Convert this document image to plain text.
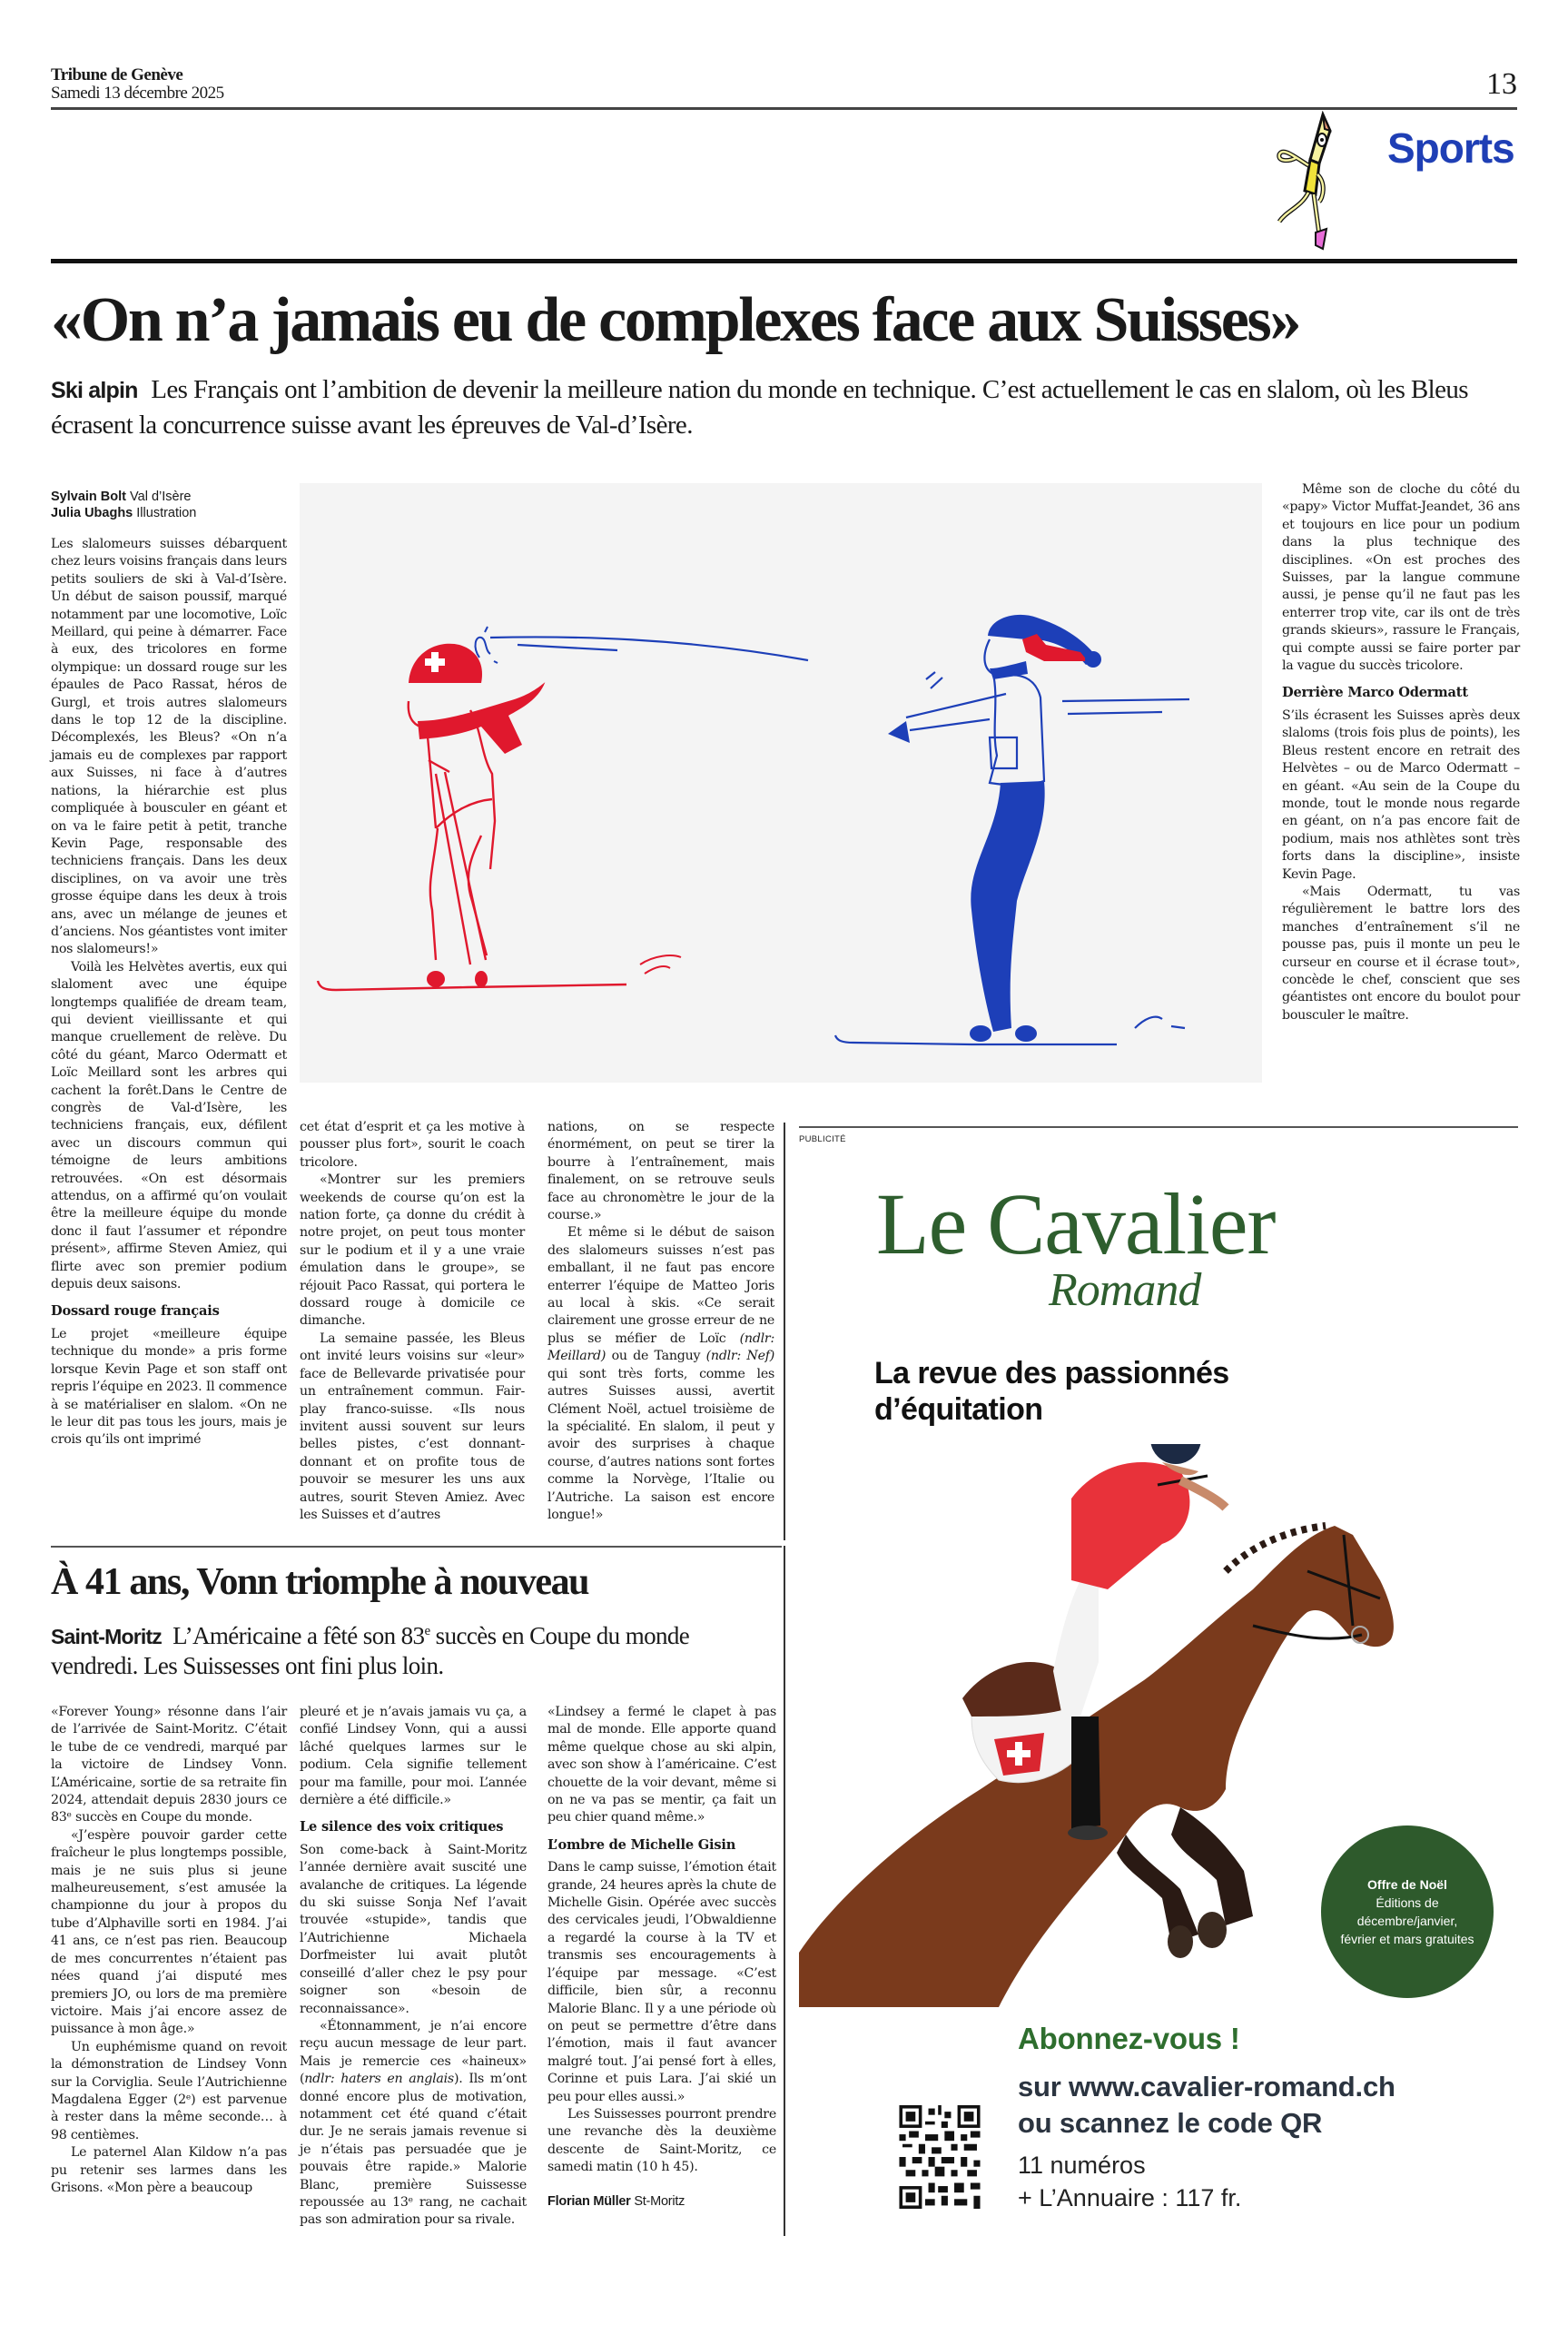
Tribune de Genève
Samedi 13 décembre 2025	13
Sports
«On n’a jamais eu de complexes face aux Suisses»
Ski alpin Les Français ont l’ambition de devenir la meilleure nation du monde en technique. C’est actuellement le cas en slalom, où les Bleus écrasent la concurrence suisse avant les épreuves de Val-d’Isère.
Sylvain Bolt Val d’Isère
Julia Ubaghs Illustration

Les slalomeurs suisses débarquent chez leurs voisins français dans leurs petits souliers de ski à Val-d’Isère. Un début de saison poussif, marqué notamment par une locomotive, Loïc Meillard, qui peine à démarrer. Face à eux, des tricolores en forme olympique: un dossard rouge sur les épaules de Paco Rassat, héros de Gurgl, et trois autres slalomeurs dans le top 12 de la discipline. Décomplexés, les Bleus? «On n’a jamais eu de complexes par rapport aux Suisses, ni face à d’autres nations, la hiérarchie est plus compliquée à bousculer en géant et on va le faire petit à petit, tranche Kevin Page, responsable des techniciens français. Dans les deux disciplines, on va avoir une très grosse équipe dans les deux à trois ans, avec un mélange de jeunes et d’anciens. Nos géantistes vont imiter nos slalomeurs!»

Voilà les Helvètes avertis, eux qui slaloment avec une équipe longtemps qualifiée de dream team, qui devient vieillissante et qui manque cruellement de relève. Du côté du géant, Marco Odermatt et Loïc Meillard sont les arbres qui cachent la forêt.Dans le Centre de congrès de Val-d’Isère, les techniciens français, eux, défilent avec un discours commun qui témoigne de leurs ambitions retrouvées. «On est désormais attendus, on a affirmé qu’on voulait être la meilleure équipe du monde donc il faut l’assumer et répondre présent», affirme Steven Amiez, qui flirte avec son premier podium depuis deux saisons.

Dossard rouge français

Le projet «meilleure équipe technique du monde» a pris forme lorsque Kevin Page et son staff ont repris l’équipe en 2023. Il commence à se matérialiser en slalom. «On ne le leur dit pas tous les jours, mais je crois qu’ils ont imprimé

cet état d’esprit et ça les motive à pousser plus fort», sourit le coach tricolore.

«Montrer sur les premiers weekends de course qu’on est la nation forte, ça donne du crédit à notre projet, on peut tous monter sur le podium et il y a une vraie émulation dans le groupe», se réjouit Paco Rassat, qui portera le dossard rouge à domicile ce dimanche.

La semaine passée, les Bleus ont invité leurs voisins sur «leur» face de Bellevarde privatisée pour un entraînement commun. Fair-play franco-suisse. «Ils nous invitent aussi souvent sur leurs belles pistes, c’est donnant-donnant et on profite tous de pouvoir se mesurer les uns aux autres, sourit Steven Amiez. Avec les Suisses et d’autres

nations, on se respecte énormément, on peut se tirer la bourre à l’entraînement, mais finalement, on se retrouve seuls face au chronomètre le jour de la course.»

Et même si le début de saison des slalomeurs suisses n’est pas emballant, il ne faut pas encore enterrer l’équipe de Matteo Joris au local à skis. «Ce serait clairement une grosse erreur de ne plus se méfier de Loïc (ndlr: Meillard) ou de Tanguy (ndlr: Nef) qui sont très forts, comme les autres Suisses aussi, avertit Clément Noël, actuel troisième de la spécialité. En slalom, il peut y avoir des surprises à chaque course, d’autres nations sont fortes comme la Norvège, l’Italie ou l’Autriche. La saison est encore longue!»

Même son de cloche du côté du «papy» Victor Muffat-Jeandet, 36 ans et toujours en lice pour un podium dans la plus technique des disciplines. «On est proches des Suisses, par la langue commune aussi, je pense qu’il ne faut pas les enterrer trop vite, car ils ont de très grands skieurs», rassure le Français, qui compte aussi se faire porter par la vague du succès tricolore.

Derrière Marco Odermatt

S’ils écrasent les Suisses après deux slaloms (trois fois plus de points), les Bleus restent encore en retrait des Helvètes – ou de Marco Odermatt – en géant. «Au sein de la Coupe du monde, tout le monde nous regarde en géant, on n’a pas encore fait de podium, mais nos athlètes sont très forts dans la discipline», insiste Kevin Page.

«Mais Odermatt, tu vas régulièrement le battre lors des manches d’entraînement s’il ne pousse pas, puis il monte un peu le curseur en course et il écrase tout», concède le chef, conscient que ses géantistes ont encore du boulot pour bousculer le maître.

À 41 ans, Vonn triomphe à nouveau
Saint-Moritz L’Américaine a fêté son 83e succès en Coupe du monde vendredi. Les Suissesses ont fini plus loin.

«Forever Young» résonne dans l’air de l’arrivée de Saint-Moritz. C’était le tube de ce vendredi, marqué par la victoire de Lindsey Vonn. L’Américaine, sortie de sa retraite fin 2024, attendait depuis 2830 jours ce 83ᵉ succès en Coupe du monde.

«J’espère pouvoir garder cette fraîcheur le plus longtemps possible, mais je ne suis plus si jeune malheureusement, s’est amusée la championne du jour à propos du tube d’Alphaville sorti en 1984. J’ai 41 ans, ce n’est pas rien. Beaucoup de mes concurrentes n’étaient pas nées quand j’ai disputé mes premiers JO, ou lors de ma première victoire. Mais j’ai encore assez de puissance à mon âge.»

Un euphémisme quand on revoit la démonstration de Lindsey Vonn sur la Corviglia. Seule l’Autrichienne Magdalena Egger (2ᵉ) est parvenue à rester dans la même seconde… à 98 centièmes.

Le paternel Alan Kildow n’a pas pu retenir ses larmes dans les Grisons. «Mon père a beaucoup

pleuré et je n’avais jamais vu ça, a confié Lindsey Vonn, qui a aussi lâché quelques larmes sur le podium. Cela signifie tellement pour ma famille, pour moi. L’année dernière a été difficile.»

Le silence des voix critiques

Son come-back à Saint-Moritz l’année dernière avait suscité une avalanche de critiques. La légende du ski suisse Sonja Nef l’avait trouvée «stupide», tandis que l’Autrichienne Michaela Dorfmeister lui avait plutôt conseillé d’aller chez le psy pour soigner son «besoin de reconnaissance».

«Étonnamment, je n’ai encore reçu aucun message de leur part. Mais je remercie ces «haineux» (ndlr: haters en anglais). Ils m’ont donné encore plus de motivation, notamment cet été quand c’était dur. Je ne serais jamais revenue si je n’étais pas persuadée que je pouvais être rapide.» Malorie Blanc, première Suissesse repoussée au 13ᵉ rang, ne cachait pas son admiration pour sa rivale.

«Lindsey a fermé le clapet à pas mal de monde. Elle apporte quand même quelque chose au ski alpin, avec son show à l’américaine. C’est chouette de la voir devant, même si on ne va pas se mentir, ça fait un peu chier quand même.»

L’ombre de Michelle Gisin

Dans le camp suisse, l’émotion était grande, 24 heures après la chute de Michelle Gisin. Opérée avec succès des cervicales jeudi, l’Obwaldienne a regardé la course à la TV et transmis ses encouragements à l’équipe par message. «C’est difficile, bien sûr, a reconnu Malorie Blanc. Il y a une période où on peut se permettre d’être dans l’émotion, mais il faut avancer malgré tout. J’ai pensé fort à elles, Corinne et puis Lara. J’ai skié un peu pour elles aussi.»

Les Suissesses pourront prendre une revanche dès la deuxième descente de Saint-Moritz, ce samedi matin (10 h 45).

Florian Müller St-Moritz
PUBLICITÉ
Le Cavalier
Romand
La revue des passionnés d’équitation
Offre de Noël
Éditions de décembre/janvier, février et mars gratuites
Abonnez-vous !
sur www.cavalier-romand.ch
ou scannez le code QR
11 numéros
+ L’Annuaire : 117 fr.
